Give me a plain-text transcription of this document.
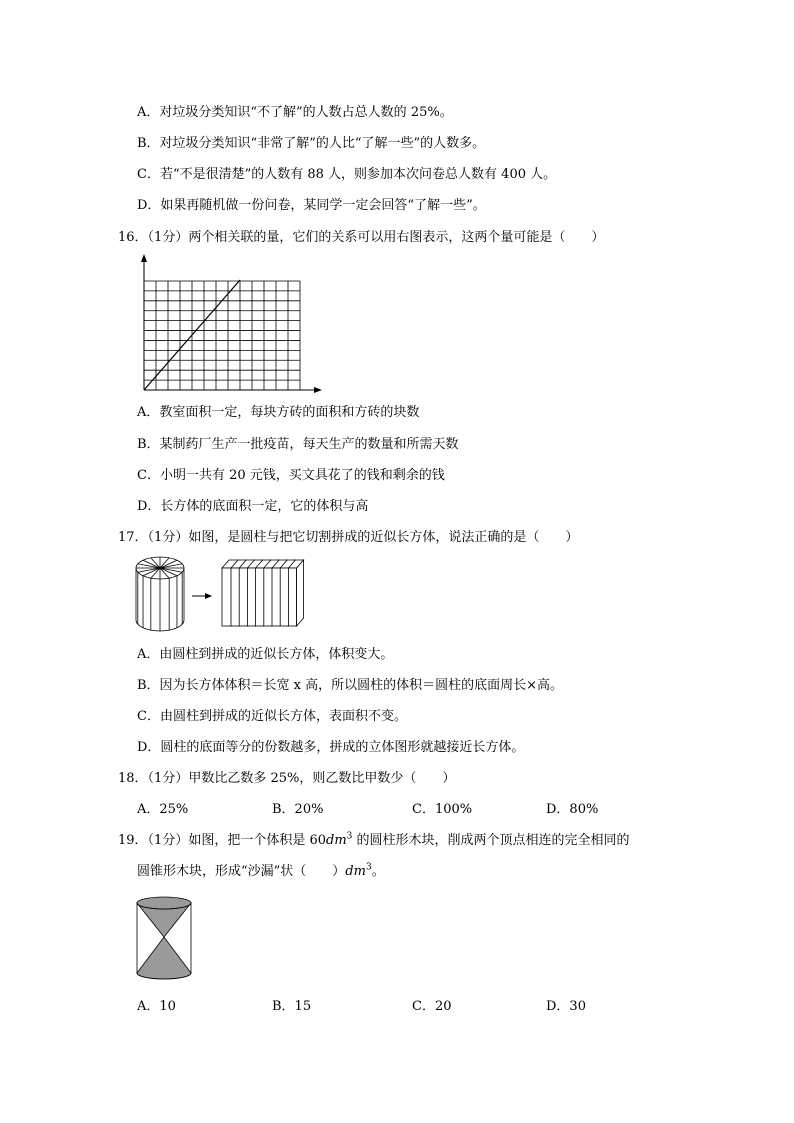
A．对垃圾分类知识“不了解”的人数占总人数的 25%。
B．对垃圾分类知识“非常了解”的人比“了解一些”的人数多。
C．若“不是很清楚”的人数有 88 人，则参加本次问卷总人数有 400 人。
D．如果再随机做一份问卷，某同学一定会回答“了解一些”。
16．（1分）两个相关联的量，它们的关系可以用右图表示，这两个量可能是（　　）
A．教室面积一定，每块方砖的面积和方砖的块数
B．某制药厂生产一批疫苗，每天生产的数量和所需天数
C．小明一共有 20 元钱，买文具花了的钱和剩余的钱
D．长方体的底面积一定，它的体积与高
17．（1分）如图，是圆柱与把它切割拼成的近似长方体，说法正确的是（　　）
A．由圆柱到拼成的近似长方体，体积变大。
B．因为长方体体积＝长宽 x 高，所以圆柱的体积＝圆柱的底面周长×高。
C．由圆柱到拼成的近似长方体，表面积不变。
D．圆柱的底面等分的份数越多，拼成的立体图形就越接近长方体。
18．（1分）甲数比乙数多 25%，则乙数比甲数少（　　）
A．25%	B．20%	C．100%	D．80%
19．（1分）如图，把一个体积是 $60dm^3$ 的圆柱形木块，削成两个顶点相连的完全相同的
圆锥形木块，形成“沙漏”状（　　）$dm^3$。
A．10	B．15	C．20	D．30
